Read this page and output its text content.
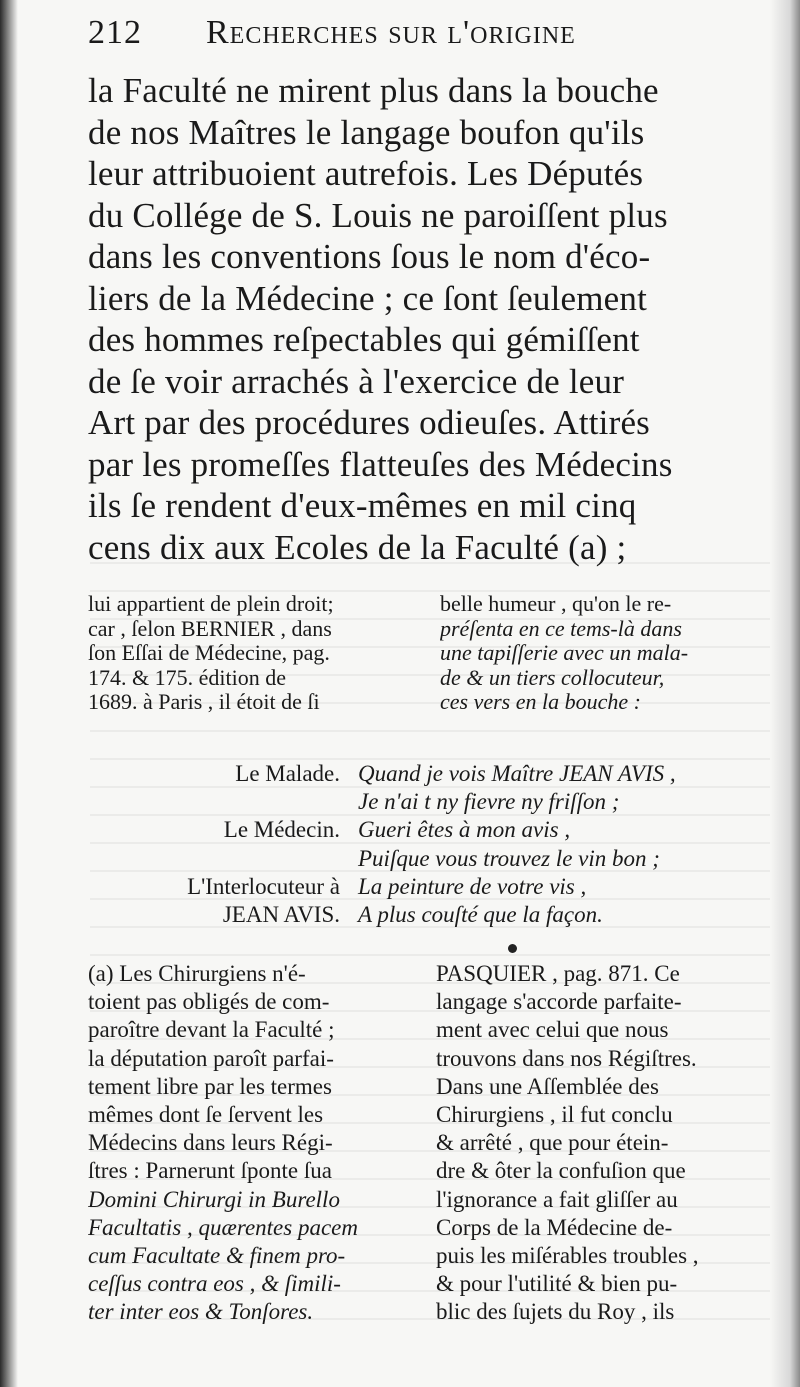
212 Recherches sur l'origine
la Faculté ne mirent plus dans la bouche
de nos Maîtres le langage boufon qu'ils
leur attribuoient autrefois. Les Députés
du Collége de S. Louis ne paroiſſent plus
dans les conventions ſous le nom d'éco-
liers de la Médecine ; ce ſont ſeulement
des hommes reſpectables qui gémiſſent
de ſe voir arrachés à l'exercice de leur
Art par des procédures odieuſes. Attirés
par les promeſſes flatteuſes des Médecins
ils ſe rendent d'eux-mêmes en mil cinq
cens dix aux Ecoles de la Faculté (a) ;
lui appartient de plein droit;
car , ſelon BERNIER , dans
ſon Eſſai de Médecine, pag.
174. & 175. édition de
1689. à Paris , il étoit de ſi
belle humeur , qu'on le re-
préſenta en ce tems-là dans
une tapiſſerie avec un mala-
de & un tiers collocuteur,
ces vers en la bouche :
Le Malade. Quand je vois Maître JEAN AVIS ,
Je n'ai t ny fievre ny friſſon ;
Le Médecin. Gueri êtes à mon avis ,
Puiſque vous trouvez le vin bon ;
L'Interlocuteur à La peinture de votre vis ,
JEAN AVIS. A plus couſté que la façon.
(a) Les Chirurgiens n'é-
toient pas obligés de com-
paroître devant la Faculté ;
la députation paroît parfai-
tement libre par les termes
mêmes dont ſe ſervent les
Médecins dans leurs Régi-
ſtres : Parnerunt ſponte ſua
Domini Chirurgi in Burello
Facultatis , quærentes pacem
cum Facultate & finem pro-
ceſſus contra eos , & ſimili-
ter inter eos & Tonſores.
PASQUIER , pag. 871. Ce
langage s'accorde parfaite-
ment avec celui que nous
trouvons dans nos Régiſtres.
Dans une Aſſemblée des
Chirurgiens , il fut conclu
& arrêté , que pour étein-
dre & ôter la confuſion que
l'ignorance a fait gliſſer au
Corps de la Médecine de-
puis les miſérables troubles ,
& pour l'utilité & bien pu-
blic des ſujets du Roy , ils
